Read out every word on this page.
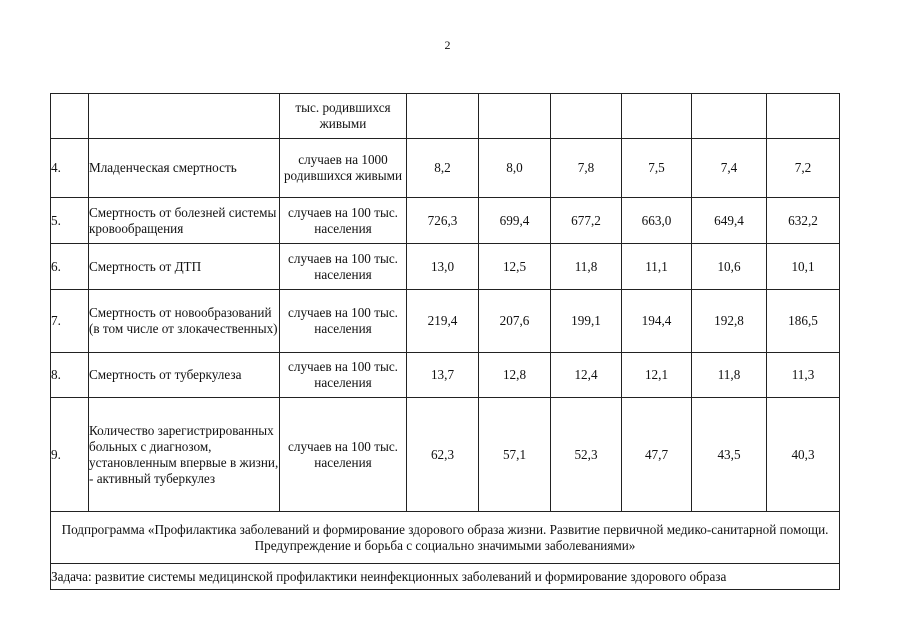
2
		тыс. родившихся живыми						
4.	Младенческая смертность	случаев на 1000 родившихся живыми	8,2	8,0	7,8	7,5	7,4	7,2
5.	Смертность от болезней системы кровообращения	случаев на 100 тыс. населения	726,3	699,4	677,2	663,0	649,4	632,2
6.	Смертность от ДТП	случаев на 100 тыс. населения	13,0	12,5	11,8	11,1	10,6	10,1
7.	Смертность от новообразований (в том числе от злокачественных)	случаев на 100 тыс. населения	219,4	207,6	199,1	194,4	192,8	186,5
8.	Смертность от туберкулеза	случаев на 100 тыс. населения	13,7	12,8	12,4	12,1	11,8	11,3
9.	Количество зарегистрированных больных с диагнозом, установленным впервые в жизни, - активный туберкулез	случаев на 100 тыс. населения	62,3	57,1	52,3	47,7	43,5	40,3
Подпрограмма «Профилактика заболеваний и формирование здорового образа жизни. Развитие первичной медико-санитарной помощи. Предупреждение и борьба с социально значимыми заболеваниями»								
Задача: развитие системы медицинской профилактики неинфекционных заболеваний и формирование здорового образа								
